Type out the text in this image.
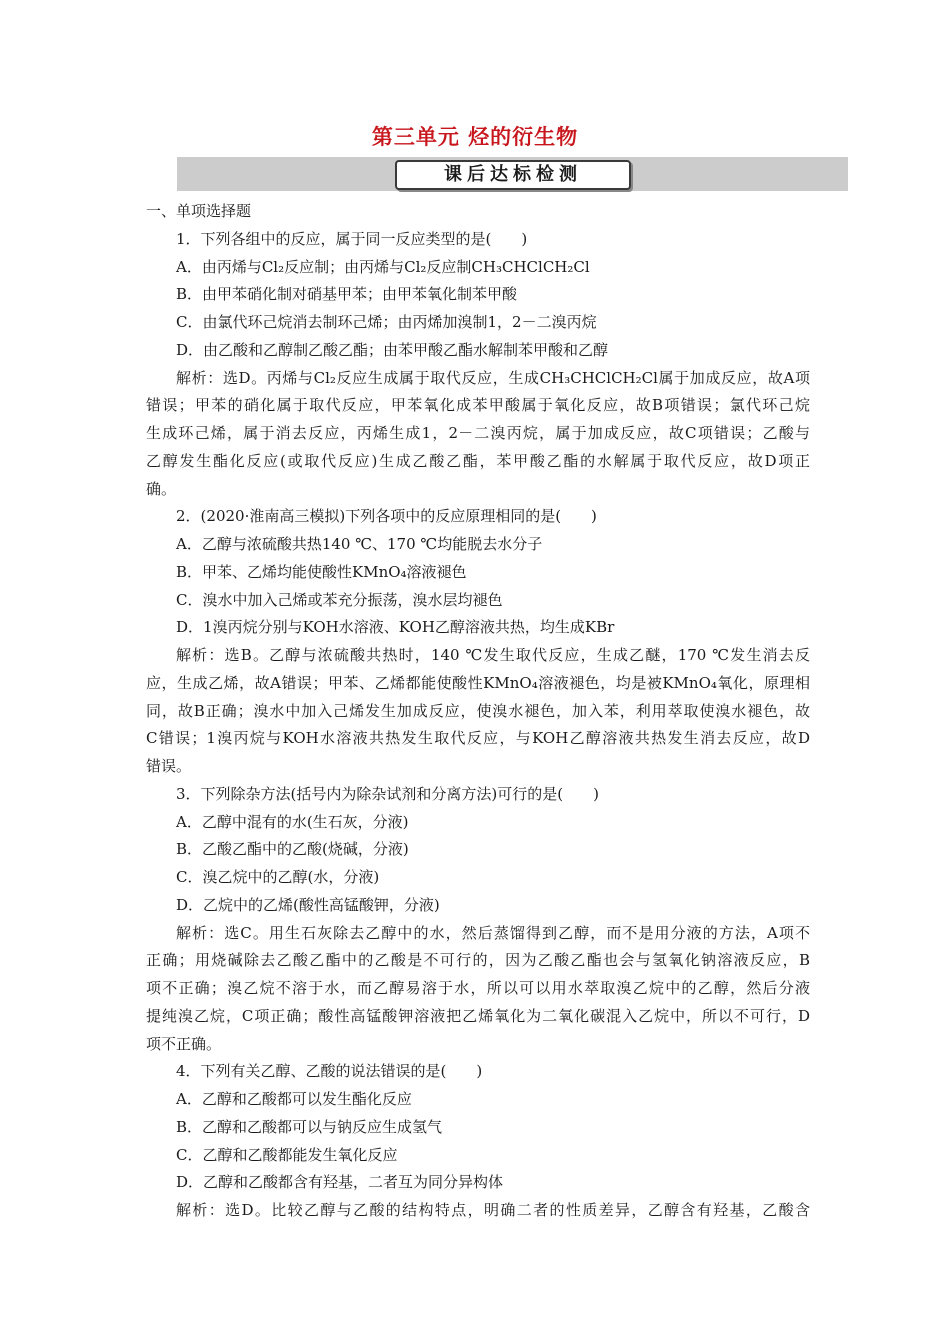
第三单元 烃的衍生物
课后达标检测
一、单项选择题
1．下列各组中的反应，属于同一反应类型的是(　　)
A．由丙烯与Cl₂反应制；由丙烯与Cl₂反应制CH₃CHClCH₂Cl
B．由甲苯硝化制对硝基甲苯；由甲苯氧化制苯甲酸
C．由氯代环己烷消去制环己烯；由丙烯加溴制1，2－二溴丙烷
D．由乙酸和乙醇制乙酸乙酯；由苯甲酸乙酯水解制苯甲酸和乙醇
解析：选D。丙烯与Cl₂反应生成属于取代反应，生成CH₃CHClCH₂Cl属于加成反应，故A项
错误；甲苯的硝化属于取代反应，甲苯氧化成苯甲酸属于氧化反应，故B项错误；氯代环己烷
生成环己烯，属于消去反应，丙烯生成1，2－二溴丙烷，属于加成反应，故C项错误；乙酸与
乙醇发生酯化反应(或取代反应)生成乙酸乙酯，苯甲酸乙酯的水解属于取代反应，故D项正
确。
2．(2020·淮南高三模拟)下列各项中的反应原理相同的是(　　)
A．乙醇与浓硫酸共热140 ℃、170 ℃均能脱去水分子
B．甲苯、乙烯均能使酸性KMnO₄溶液褪色
C．溴水中加入己烯或苯充分振荡，溴水层均褪色
D．1溴丙烷分别与KOH水溶液、KOH乙醇溶液共热，均生成KBr
解析：选B。乙醇与浓硫酸共热时，140 ℃发生取代反应，生成乙醚，170 ℃发生消去反
应，生成乙烯，故A错误；甲苯、乙烯都能使酸性KMnO₄溶液褪色，均是被KMnO₄氧化，原理相
同，故B正确；溴水中加入己烯发生加成反应，使溴水褪色，加入苯，利用萃取使溴水褪色，故
C错误；1溴丙烷与KOH水溶液共热发生取代反应，与KOH乙醇溶液共热发生消去反应，故D
错误。
3．下列除杂方法(括号内为除杂试剂和分离方法)可行的是(　　)
A．乙醇中混有的水(生石灰，分液)
B．乙酸乙酯中的乙酸(烧碱，分液)
C．溴乙烷中的乙醇(水，分液)
D．乙烷中的乙烯(酸性高锰酸钾，分液)
解析：选C。用生石灰除去乙醇中的水，然后蒸馏得到乙醇，而不是用分液的方法，A项不
正确；用烧碱除去乙酸乙酯中的乙酸是不可行的，因为乙酸乙酯也会与氢氧化钠溶液反应，B
项不正确；溴乙烷不溶于水，而乙醇易溶于水，所以可以用水萃取溴乙烷中的乙醇，然后分液
提纯溴乙烷，C项正确；酸性高锰酸钾溶液把乙烯氧化为二氧化碳混入乙烷中，所以不可行，D
项不正确。
4．下列有关乙醇、乙酸的说法错误的是(　　)
A．乙醇和乙酸都可以发生酯化反应
B．乙醇和乙酸都可以与钠反应生成氢气
C．乙醇和乙酸都能发生氧化反应
D．乙醇和乙酸都含有羟基，二者互为同分异构体
解析：选D。比较乙醇与乙酸的结构特点，明确二者的性质差异，乙醇含有羟基，乙酸含
